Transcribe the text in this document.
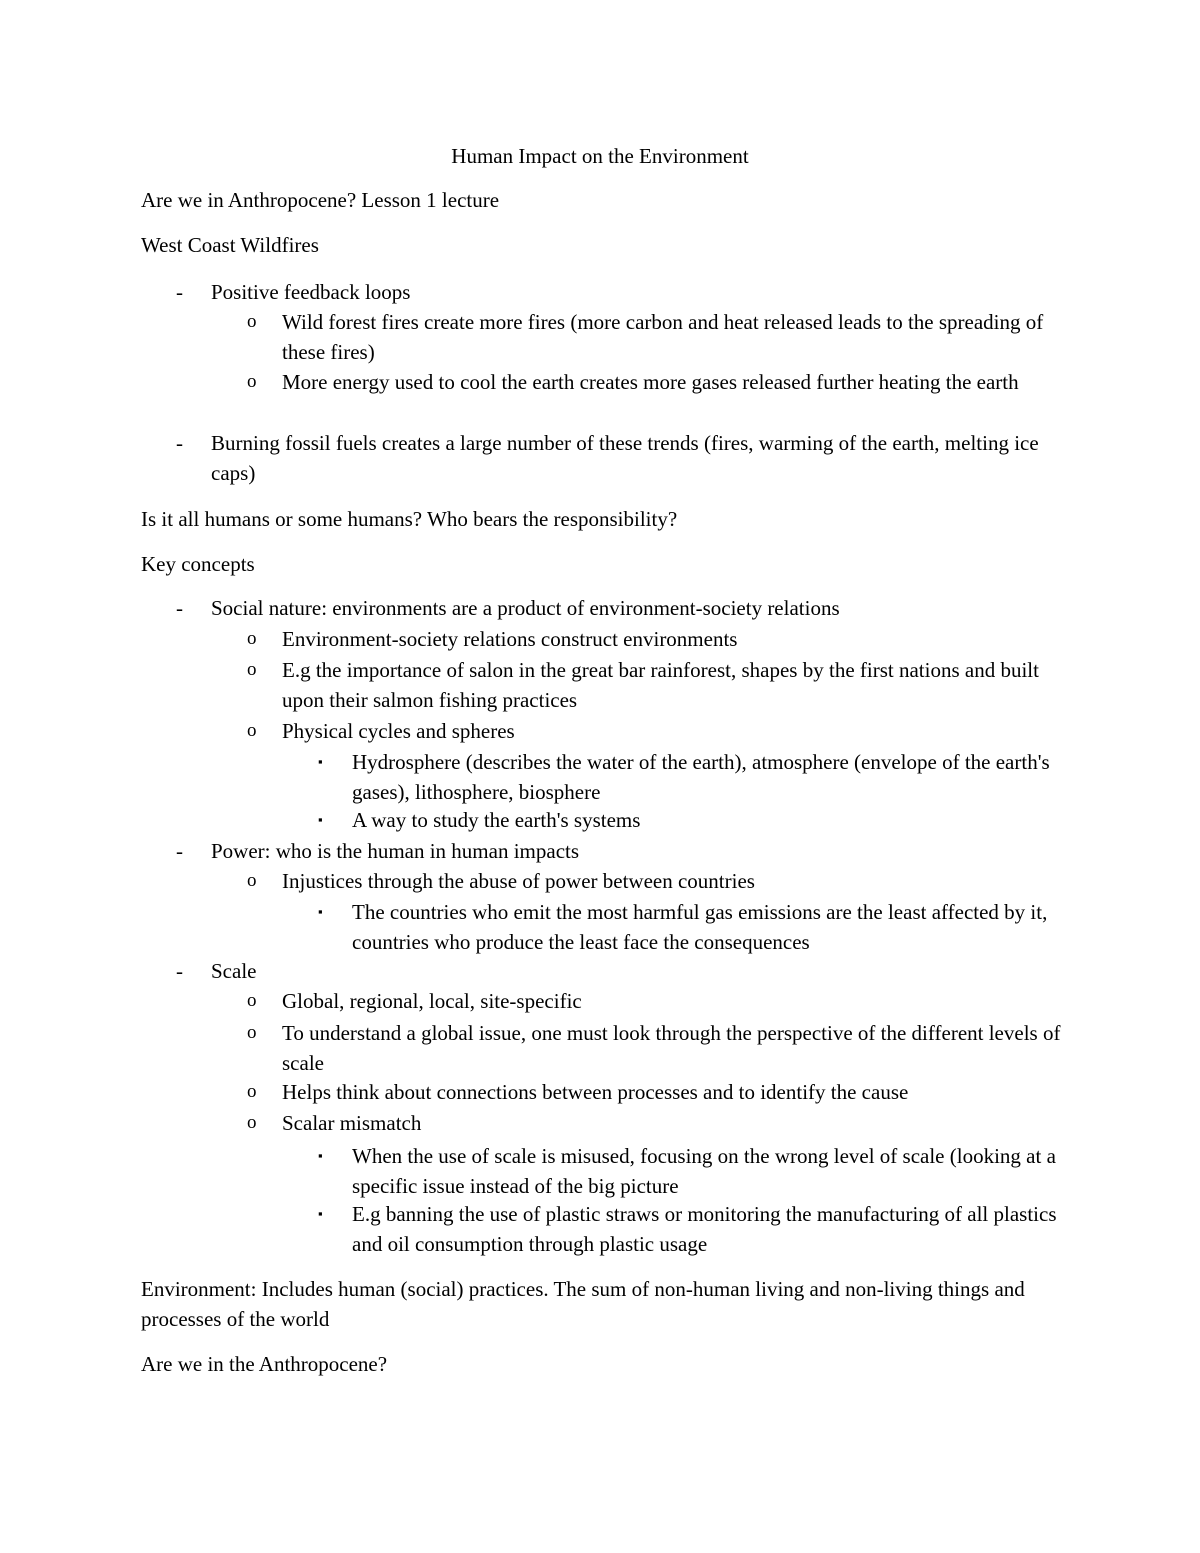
Human Impact on the Environment
Are we in Anthropocene? Lesson 1 lecture
West Coast Wildfires
- Positive feedback loops
o Wild forest fires create more fires (more carbon and heat released leads to the spreading of these fires)
o More energy used to cool the earth creates more gases released further heating the earth
- Burning fossil fuels creates a large number of these trends (fires, warming of the earth, melting ice caps)
Is it all humans or some humans? Who bears the responsibility?
Key concepts
- Social nature: environments are a product of environment-society relations
o Environment-society relations construct environments
o E.g the importance of salon in the great bar rainforest, shapes by the first nations and built upon their salmon fishing practices
o Physical cycles and spheres
▪ Hydrosphere (describes the water of the earth), atmosphere (envelope of the earth's gases), lithosphere, biosphere
▪ A way to study the earth's systems
- Power: who is the human in human impacts
o Injustices through the abuse of power between countries
▪ The countries who emit the most harmful gas emissions are the least affected by it, countries who produce the least face the consequences
- Scale
o Global, regional, local, site-specific
o To understand a global issue, one must look through the perspective of the different levels of scale
o Helps think about connections between processes and to identify the cause
o Scalar mismatch
▪ When the use of scale is misused, focusing on the wrong level of scale (looking at a specific issue instead of the big picture
▪ E.g banning the use of plastic straws or monitoring the manufacturing of all plastics and oil consumption through plastic usage
Environment: Includes human (social) practices. The sum of non-human living and non-living things and processes of the world
Are we in the Anthropocene?
